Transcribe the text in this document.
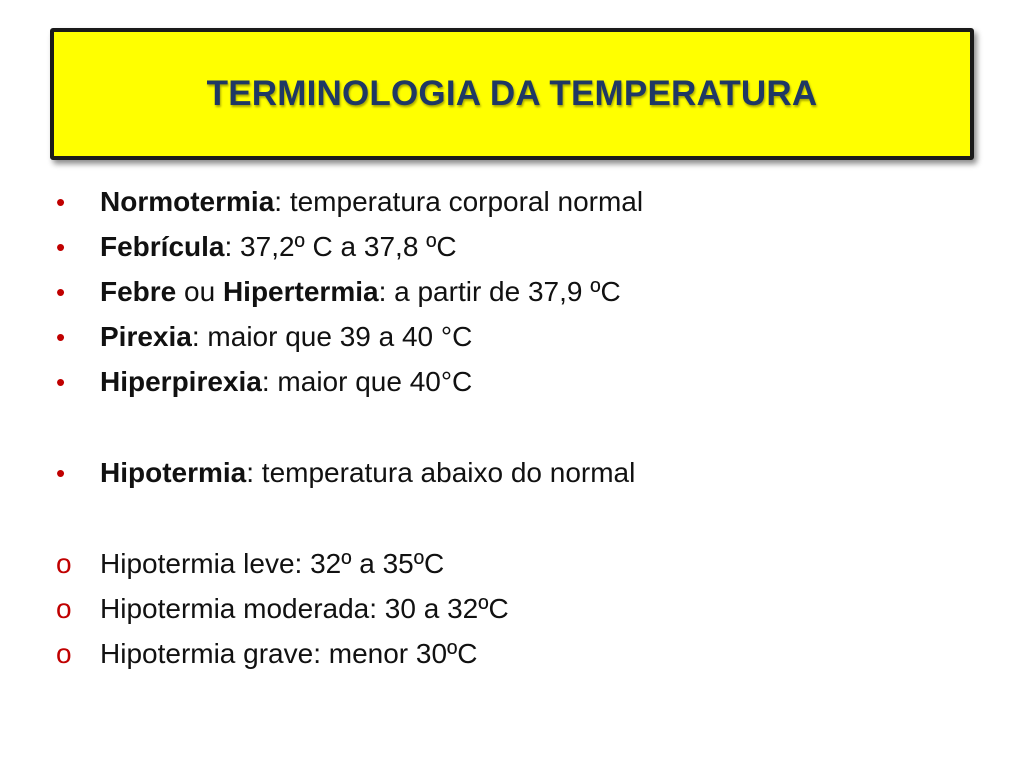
TERMINOLOGIA DA TEMPERATURA
•	Normotermia : temperatura corporal normal
•	Febrícula : 37,2º C a 37,8 ºC
•	Febre ou Hipertermia : a partir de 37,9 ºC
•	Pirexia : maior que 39 a 40 °C
•	Hiperpirexia : maior que 40°C
•	Hipotermia : temperatura abaixo do normal
o	Hipotermia leve: 32º a 35ºC
o	Hipotermia moderada: 30 a 32ºC
o	Hipotermia grave: menor 30ºC
